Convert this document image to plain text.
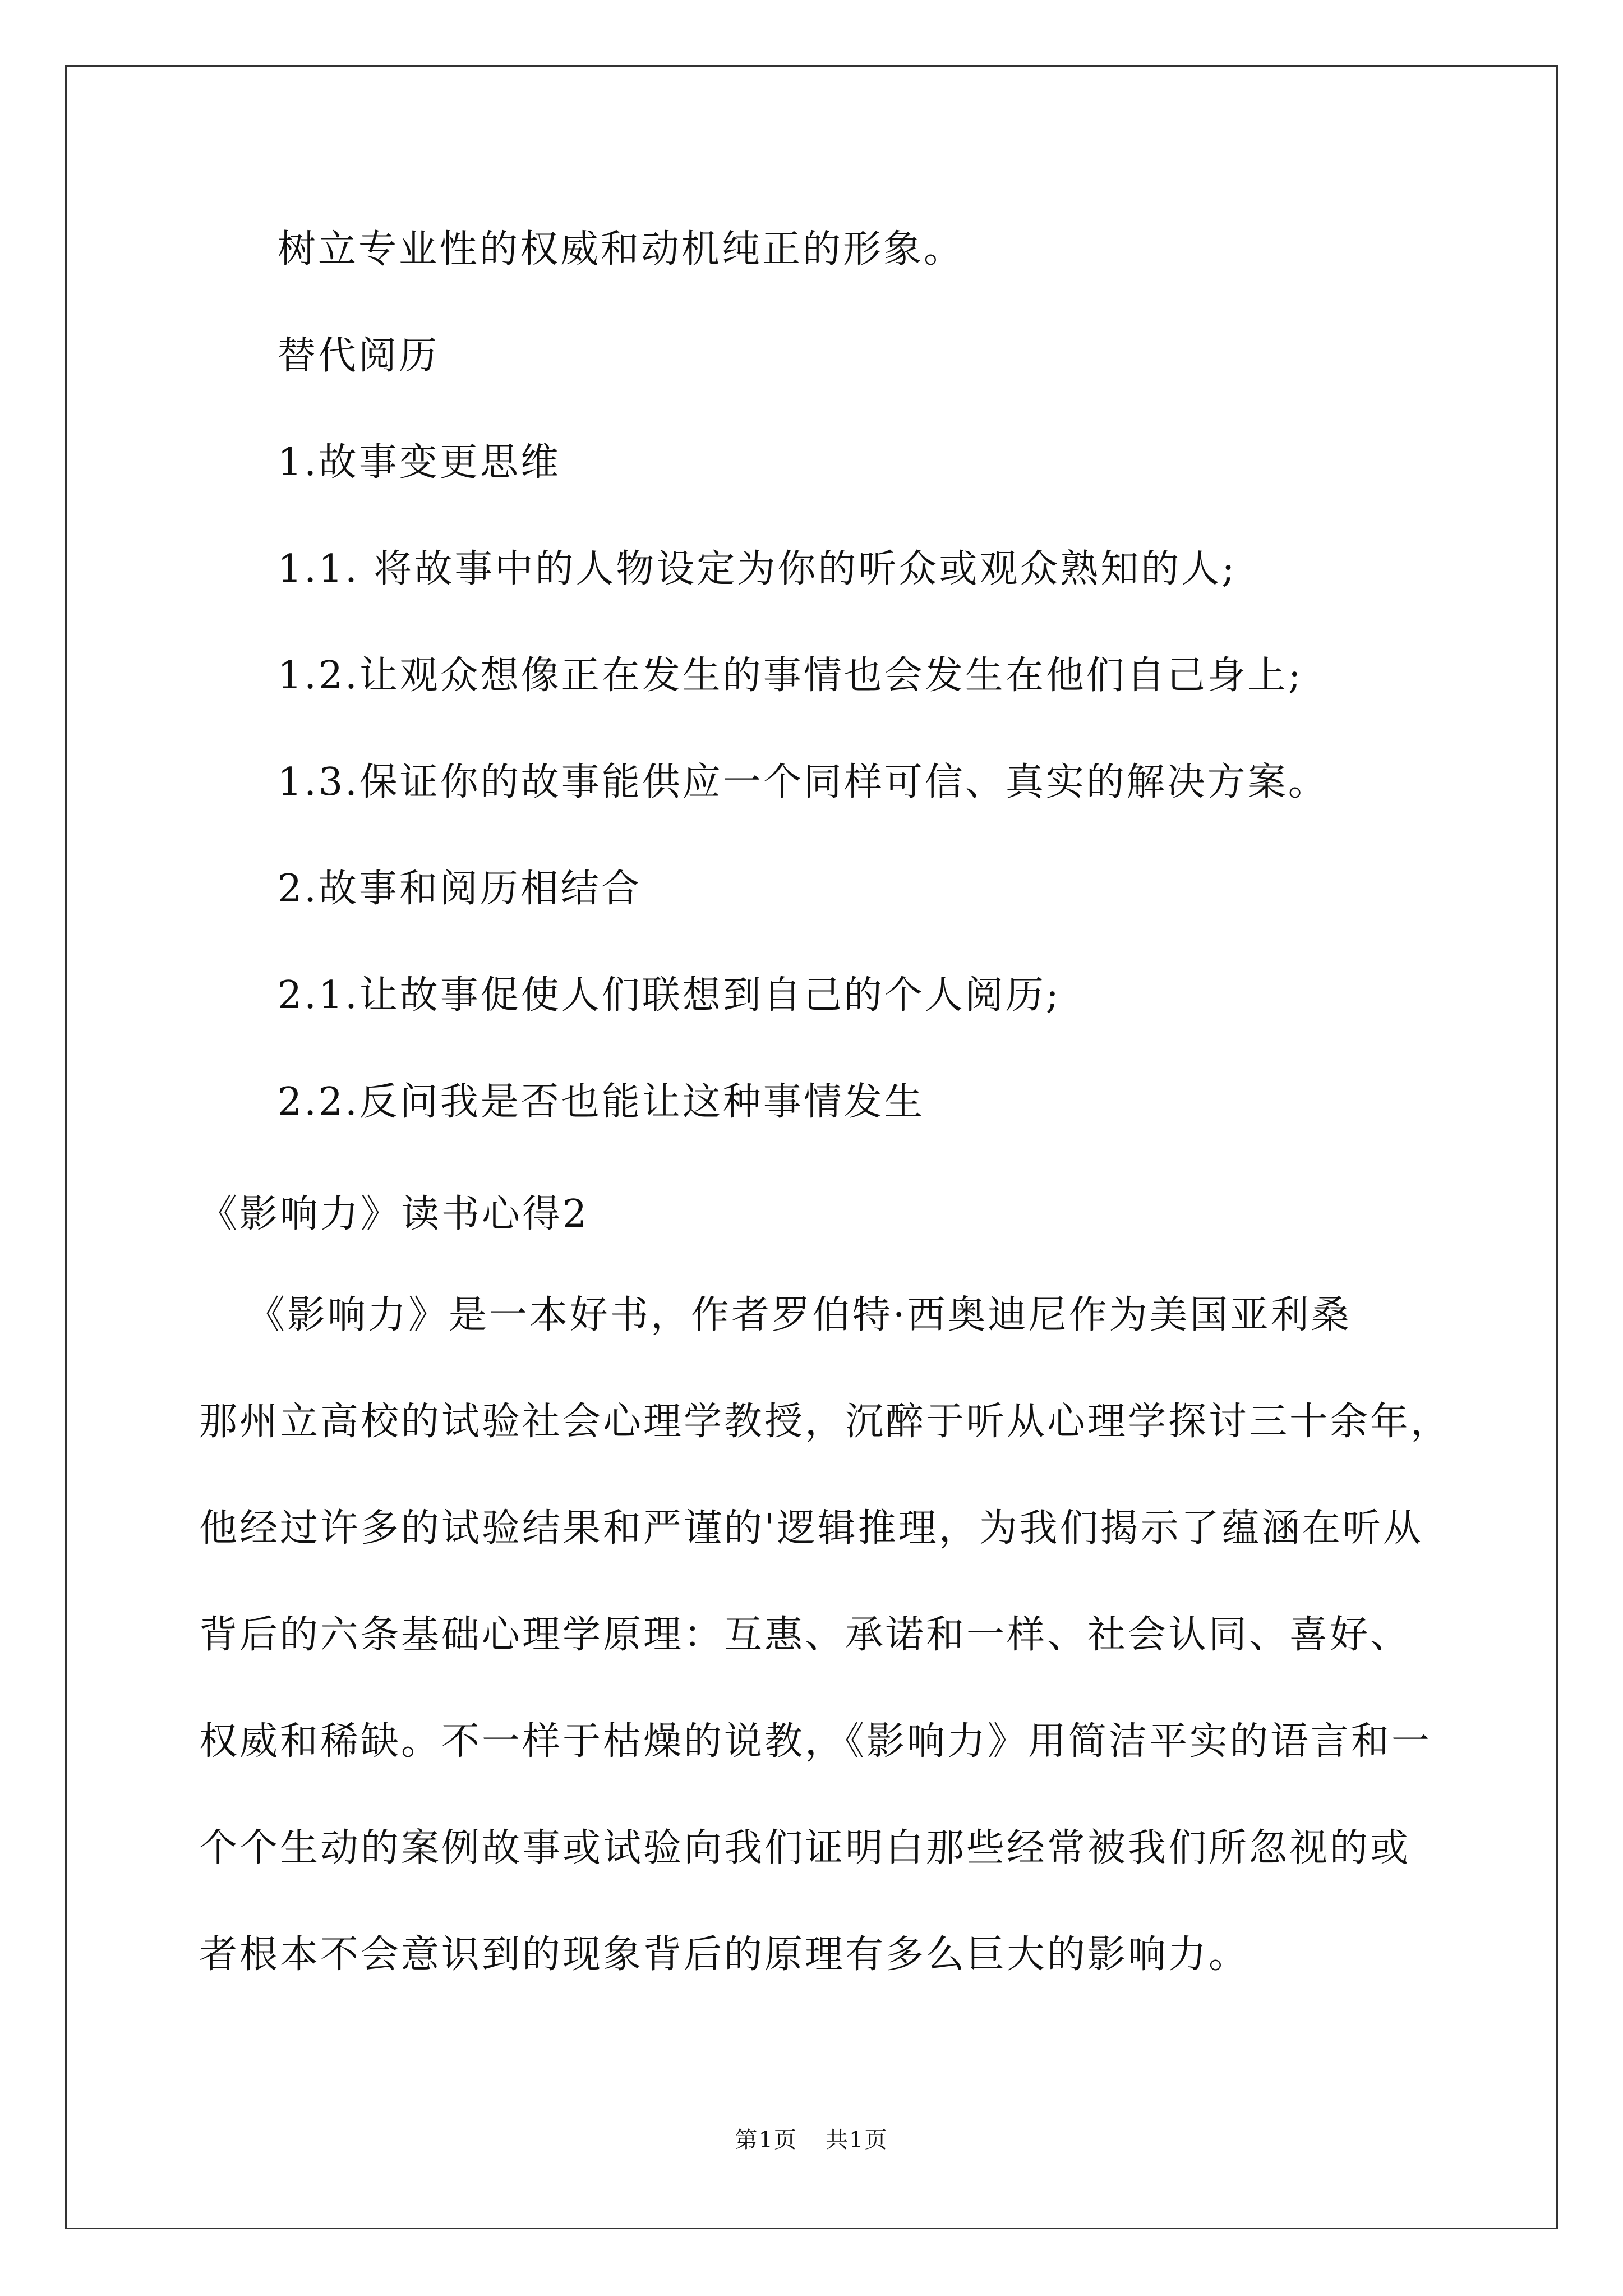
树立专业性的权威和动机纯正的形象。
替代阅历
1.故事变更思维
1.1. 将故事中的人物设定为你的听众或观众熟知的人;
1.2.让观众想像正在发生的事情也会发生在他们自己身上;
1.3.保证你的故事能供应一个同样可信、真实的解决方案。
2.故事和阅历相结合
2.1.让故事促使人们联想到自己的个人阅历;
2.2.反问我是否也能让这种事情发生
《影响力》读书心得2
《影响力》是一本好书，作者罗伯特·西奥迪尼作为美国亚利桑
那州立高校的试验社会心理学教授，沉醉于听从心理学探讨三十余年，
他经过许多的试验结果和严谨的'逻辑推理，为我们揭示了蕴涵在听从
背后的六条基础心理学原理：互惠、承诺和一样、社会认同、喜好、
权威和稀缺。不一样于枯燥的说教，《影响力》用简洁平实的语言和一
个个生动的案例故事或试验向我们证明白那些经常被我们所忽视的或
者根本不会意识到的现象背后的原理有多么巨大的影响力。
第1页 共1页
